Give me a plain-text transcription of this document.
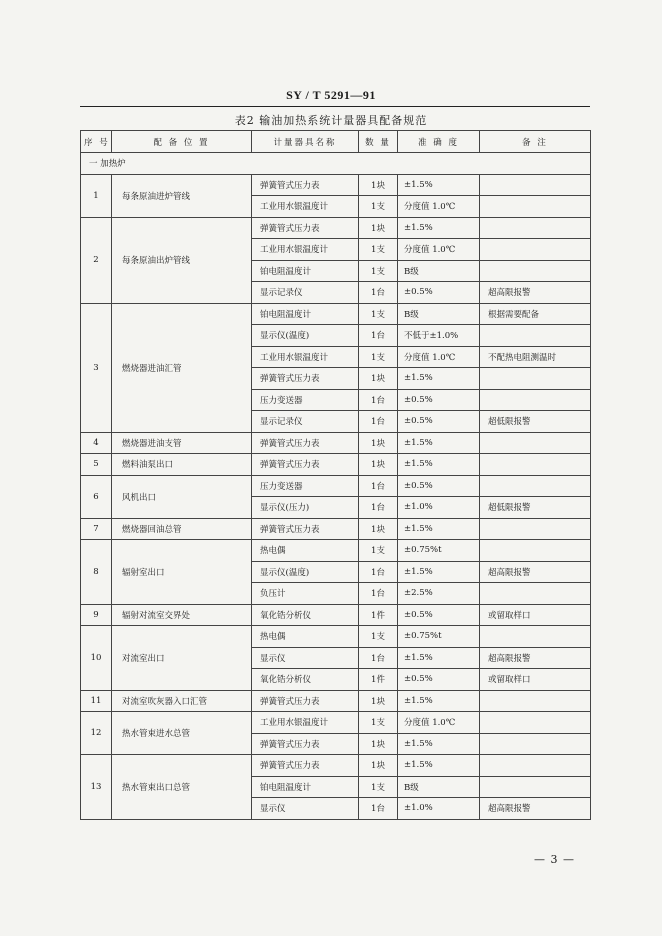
SY / T 5291—91
表2 输油加热系统计量器具配备规范
序 号	配 备 位 置	计量器具名称	数 量	准 确 度	备 注
一 加热炉					
1	每条原油进炉管线	弹簧管式压力表	1块	±1.5%	
		工业用水银温度计	1支	分度值 1.0℃	
2	每条原油出炉管线	弹簧管式压力表	1块	±1.5%	
		工业用水银温度计	1支	分度值 1.0℃	
		铂电阻温度计	1支	B级	
		显示记录仪	1台	±0.5%	超高限报警
3	燃烧器进油汇管	铂电阻温度计	1支	B级	根据需要配备
		显示仪(温度)	1台	不低于±1.0%	
		工业用水银温度计	1支	分度值 1.0℃	不配热电阻测温时
		弹簧管式压力表	1块	±1.5%	
		压力变送器	1台	±0.5%	
		显示记录仪	1台	±0.5%	超低限报警
4	燃烧器进油支管	弹簧管式压力表	1块	±1.5%	
5	燃料油泵出口	弹簧管式压力表	1块	±1.5%	
6	风机出口	压力变送器	1台	±0.5%	
		显示仪(压力)	1台	±1.0%	超低限报警
7	燃烧器回油总管	弹簧管式压力表	1块	±1.5%	
8	辐射室出口	热电偶	1支	±0.75%t	
		显示仪(温度)	1台	±1.5%	超高限报警
		负压计	1台	±2.5%	
9	辐射对流室交界处	氧化锆分析仪	1件	±0.5%	或留取样口
10	对流室出口	热电偶	1支	±0.75%t	
		显示仪	1台	±1.5%	超高限报警
		氧化锆分析仪	1件	±0.5%	或留取样口
11	对流室吹灰器入口汇管	弹簧管式压力表	1块	±1.5%	
12	热水管束进水总管	工业用水银温度计	1支	分度值 1.0℃	
		弹簧管式压力表	1块	±1.5%	
13	热水管束出口总管	弹簧管式压力表	1块	±1.5%	
		铂电阻温度计	1支	B级	
		显示仪	1台	±1.0%	超高限报警
— 3 —
